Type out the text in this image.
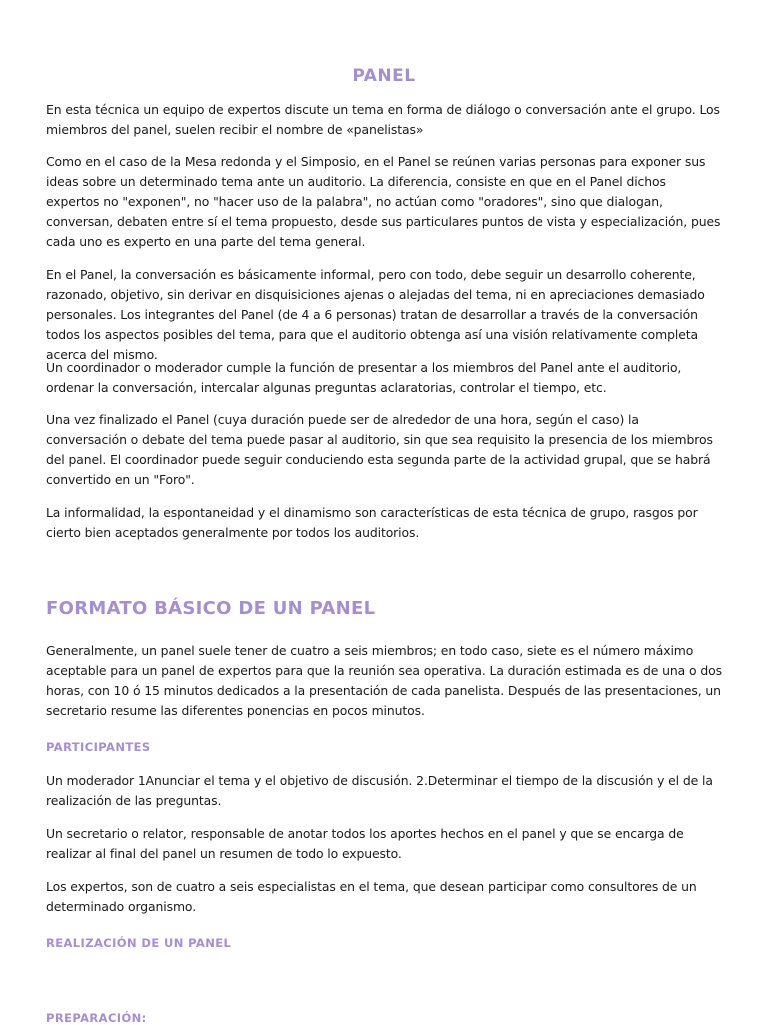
PANEL

En esta técnica un equipo de expertos discute un tema en forma de diálogo o conversación ante el grupo. Los miembros del panel, suelen recibir el nombre de «panelistas»

Como en el caso de la Mesa redonda y el Simposio, en el Panel se reúnen varias personas para exponer sus ideas sobre un determinado tema ante un auditorio. La diferencia, consiste en que en el Panel dichos expertos no "exponen", no "hacer uso de la palabra", no actúan como "oradores", sino que dialogan, conversan, debaten entre sí el tema propuesto, desde sus particulares puntos de vista y especialización, pues cada uno es experto en una parte del tema general.

En el Panel, la conversación es básicamente informal, pero con todo, debe seguir un desarrollo coherente, razonado, objetivo, sin derivar en disquisiciones ajenas o alejadas del tema, ni en apreciaciones demasiado personales. Los integrantes del Panel (de 4 a 6 personas) tratan de desarrollar a través de la conversación todos los aspectos posibles del tema, para que el auditorio obtenga así una visión relativamente completa acerca del mismo.

Un coordinador o moderador cumple la función de presentar a los miembros del Panel ante el auditorio, ordenar la conversación, intercalar algunas preguntas aclaratorias, controlar el tiempo, etc.

Una vez finalizado el Panel (cuya duración puede ser de alrededor de una hora, según el caso) la conversación o debate del tema puede pasar al auditorio, sin que sea requisito la presencia de los miembros del panel. El coordinador puede seguir conduciendo esta segunda parte de la actividad grupal, que se habrá convertido en un "Foro".

La informalidad, la espontaneidad y el dinamismo son características de esta técnica de grupo, rasgos por cierto bien aceptados generalmente por todos los auditorios.

FORMATO BÁSICO DE UN PANEL

Generalmente, un panel suele tener de cuatro a seis miembros; en todo caso, siete es el número máximo aceptable para un panel de expertos para que la reunión sea operativa. La duración estimada es de una o dos horas, con 10 ó 15 minutos dedicados a la presentación de cada panelista. Después de las presentaciones, un secretario resume las diferentes ponencias en pocos minutos.

PARTICIPANTES

Un moderador 1Anunciar el tema y el objetivo de discusión. 2.Determinar el tiempo de la discusión y el de la realización de las preguntas.

Un secretario o relator, responsable de anotar todos los aportes hechos en el panel y que se encarga de realizar al final del panel un resumen de todo lo expuesto.

Los expertos, son de cuatro a seis especialistas en el tema, que desean participar como consultores de un determinado organismo.

REALIZACIÓN DE UN PANEL
PREPARACIÓN:
